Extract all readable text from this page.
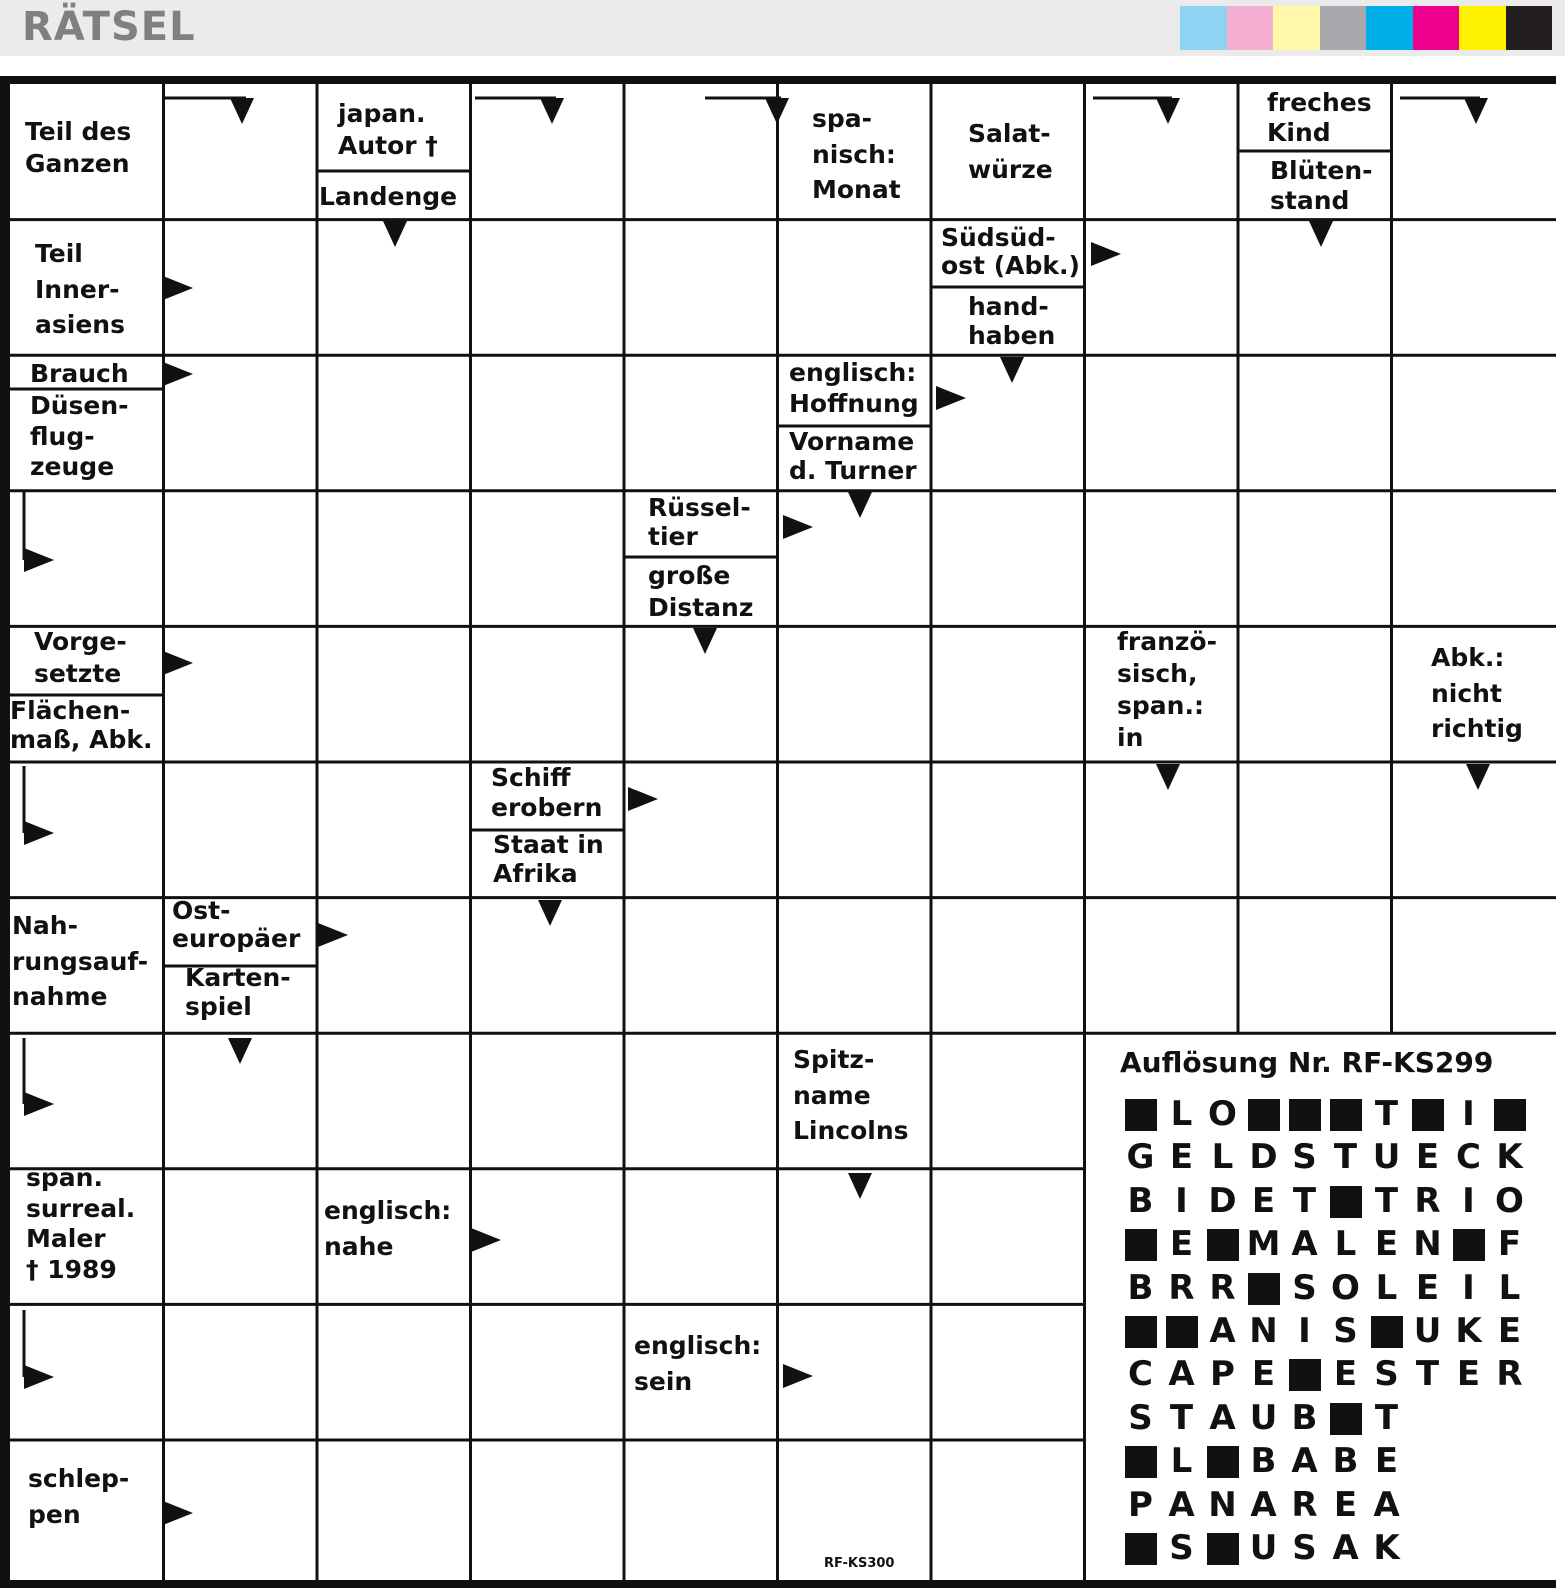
RÄTSEL
Teil des
Ganzen
japan.
Autor †
Landenge
spa-
nisch:
Monat
Salat-
würze
freches
Kind
Blüten-
stand
Teil
Inner-
asiens
Südsüd-
ost (Abk.)
hand-
haben
Brauch
Düsen-
flug-
zeuge
englisch:
Hoffnung
Vorname
d. Turner
Rüssel-
tier
große
Distanz
Vorge-
setzte
Flächen-
maß, Abk.
franzö-
sisch,
span.:
in
Abk.:
nicht
richtig
Schiff
erobern
Staat in
Afrika
Nah-
rungsauf-
nahme
Ost-
europäer
Karten-
spiel
Spitz-
name
Lincolns
span.
surreal.
Maler
† 1989
englisch:
nahe
englisch:
sein
schlep-
pen
Auflösung Nr. RF-KS299
L O	T	I
G E L D S T U E C K
B I D E T T R I O
E M A L E N F
B R R S O L E I L
A N I S U K E
C A P E E S T E R
S T A U B T
L B A B E
P A N A R E A
S U S A K
RF-KS300
